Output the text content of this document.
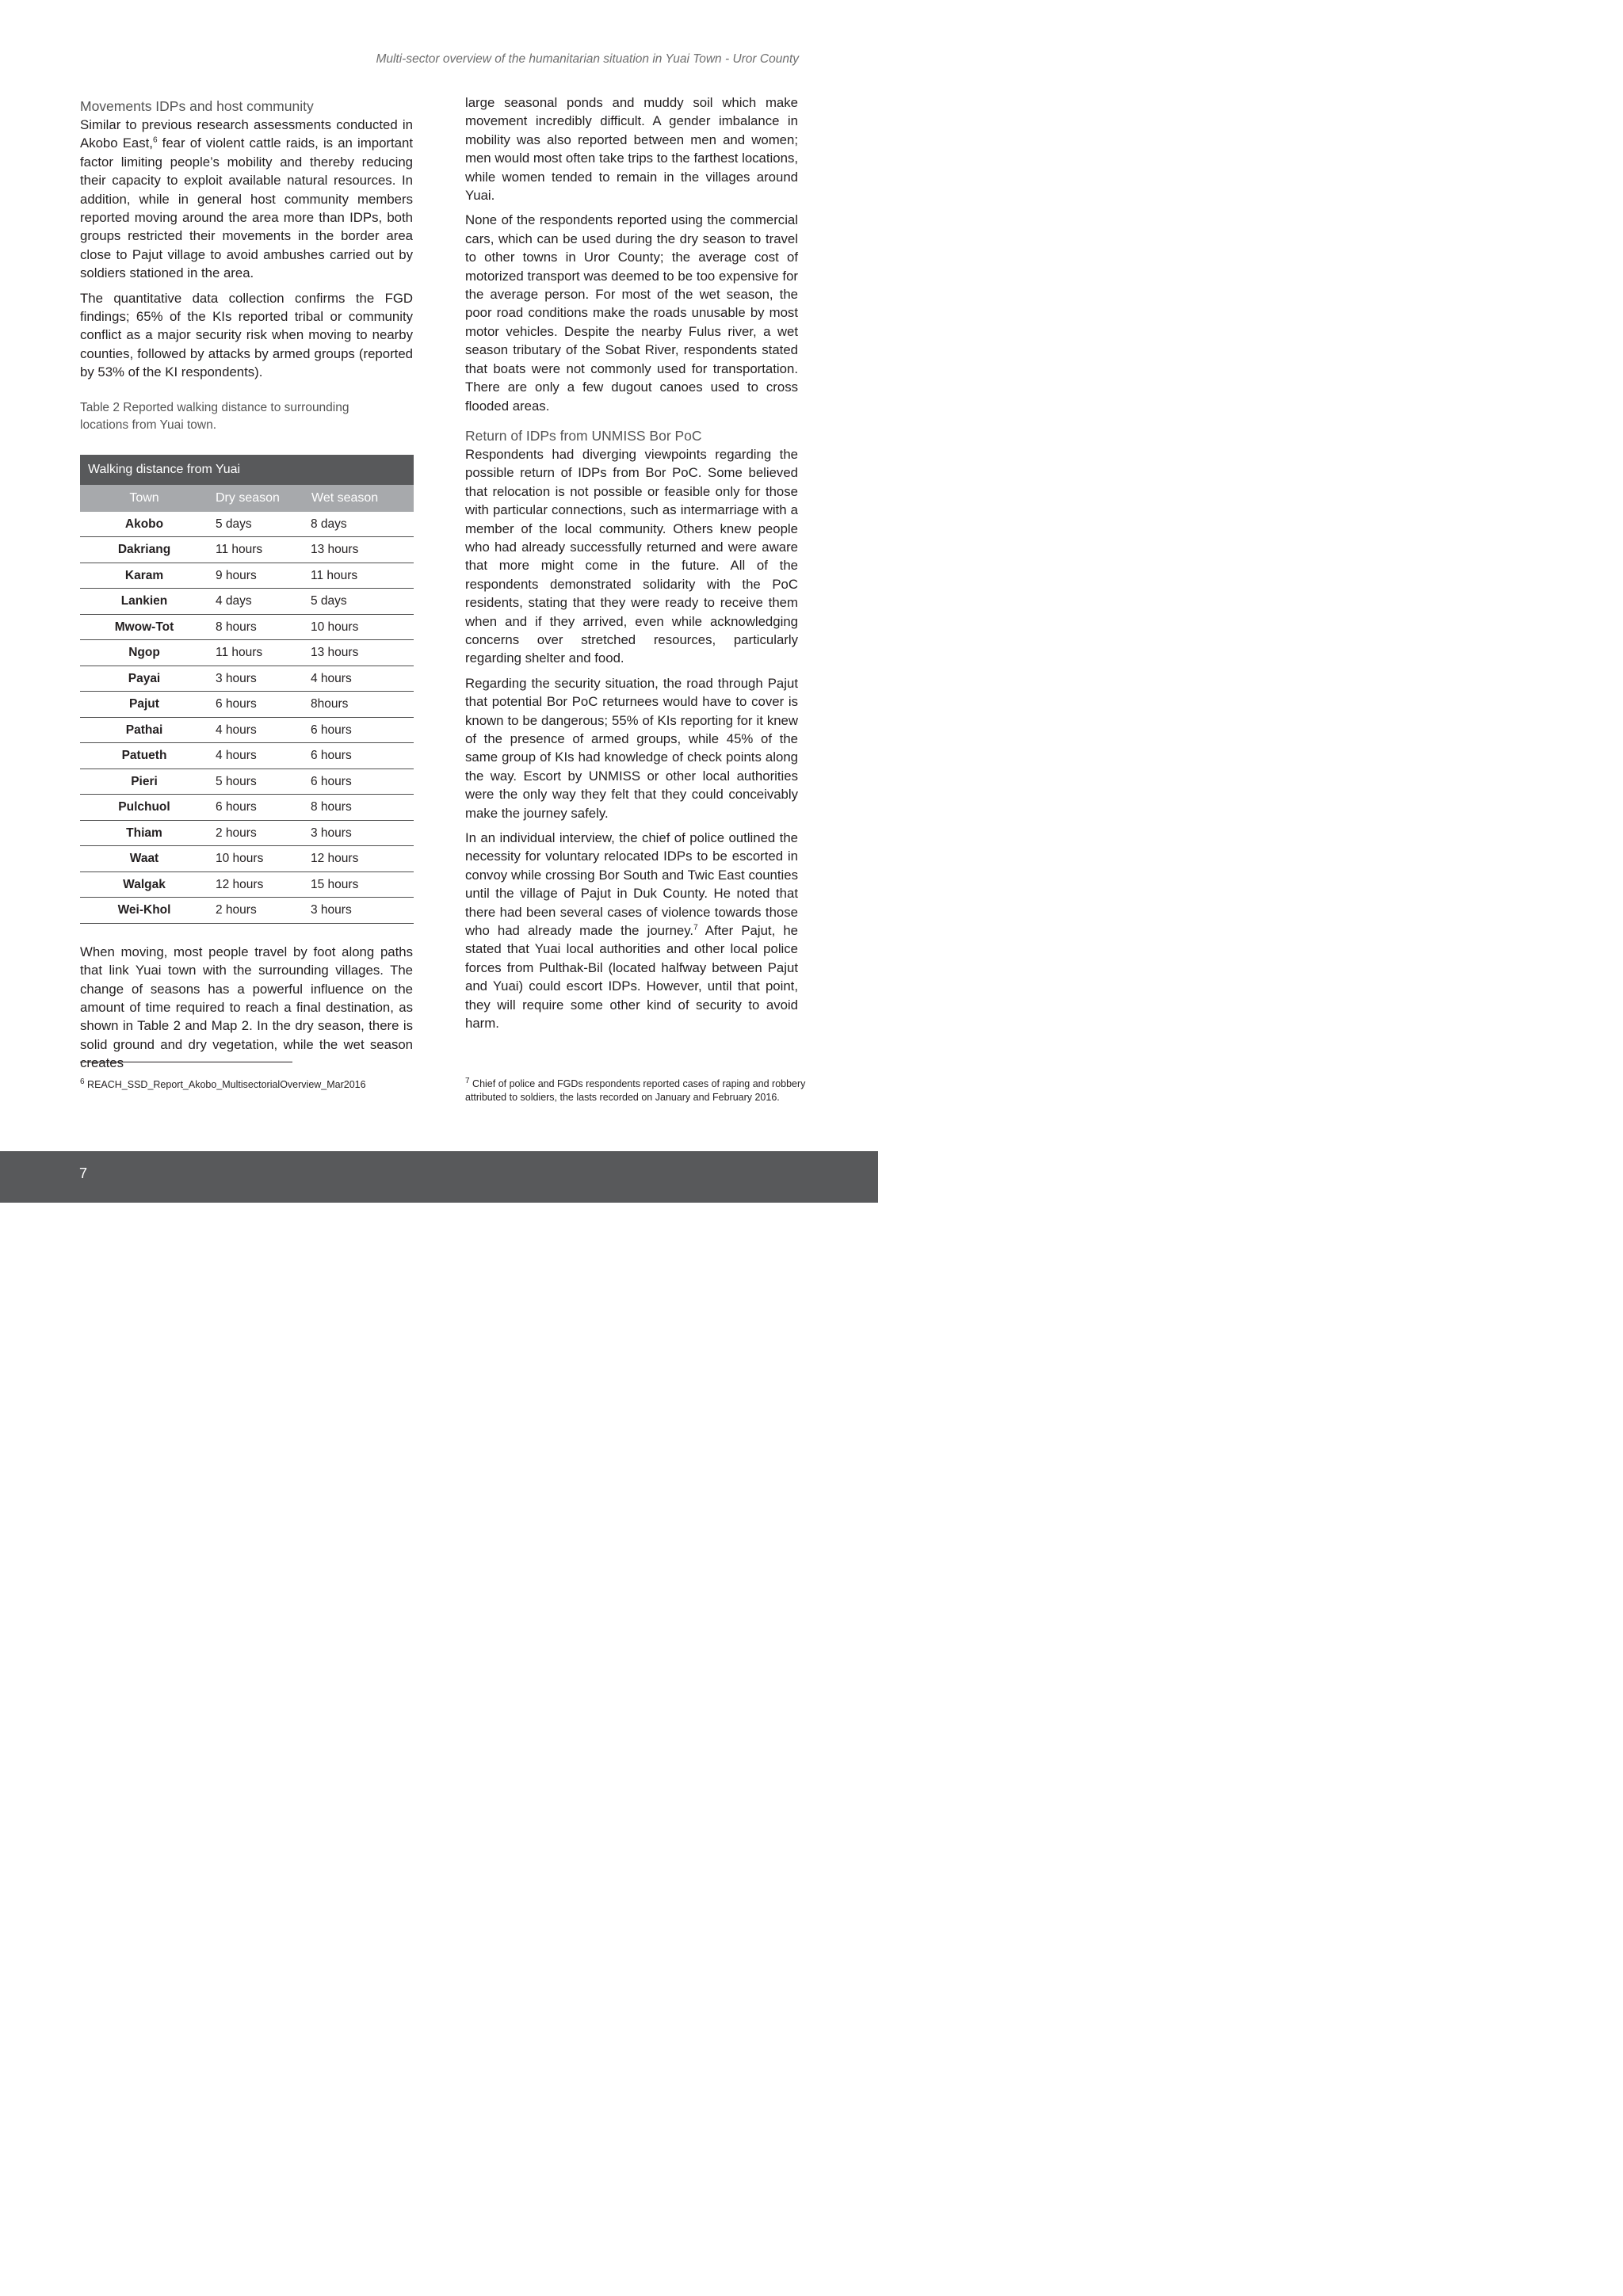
Multi-sector overview of the humanitarian situation in Yuai Town - Uror County
Movements IDPs and host community

Similar to previous research assessments conducted in Akobo East,$^6$ fear of violent cattle raids, is an important factor limiting people’s mobility and thereby reducing their capacity to exploit available natural resources. In addition, while in general host community members reported moving around the area more than IDPs, both groups restricted their movements in the border area close to Pajut village to avoid ambushes carried out by soldiers stationed in the area.

The quantitative data collection confirms the FGD findings; 65% of the KIs reported tribal or community conflict as a major security risk when moving to nearby counties, followed by attacks by armed groups (reported by 53% of the KI respondents).

Table 2 Reported walking distance to surrounding locations from Yuai town.
Walking distance from Yuai		
Town	Dry season	Wet season
Akobo	5 days	8 days
Dakriang	11 hours	13 hours
Karam	9 hours	11 hours
Lankien	4 days	5 days
Mwow-Tot	8 hours	10 hours
Ngop	11 hours	13 hours
Payai	3 hours	4 hours
Pajut	6 hours	8hours
Pathai	4 hours	6 hours
Patueth	4 hours	6 hours
Pieri	5 hours	6 hours
Pulchuol	6 hours	8 hours
Thiam	2 hours	3 hours
Waat	10 hours	12 hours
Walgak	12 hours	15 hours
Wei-Khol	2 hours	3 hours

When moving, most people travel by foot along paths that link Yuai town with the surrounding villages. The change of seasons has a powerful influence on the amount of time required to reach a final destination, as shown in Table 2 and Map 2. In the dry season, there is solid ground and dry vegetation, while the wet season creates

large seasonal ponds and muddy soil which make movement incredibly difficult. A gender imbalance in mobility was also reported between men and women; men would most often take trips to the farthest locations, while women tended to remain in the villages around Yuai.

None of the respondents reported using the commercial cars, which can be used during the dry season to travel to other towns in Uror County; the average cost of motorized transport was deemed to be too expensive for the average person. For most of the wet season, the poor road conditions make the roads unusable by most motor vehicles. Despite the nearby Fulus river, a wet season tributary of the Sobat River, respondents stated that boats were not commonly used for transportation. There are only a few dugout canoes used to cross flooded areas.

Return of IDPs from UNMISS Bor PoC

Respondents had diverging viewpoints regarding the possible return of IDPs from Bor PoC. Some believed that relocation is not possible or feasible only for those with particular connections, such as intermarriage with a member of the local community. Others knew people who had already successfully returned and were aware that more might come in the future. All of the respondents demonstrated solidarity with the PoC residents, stating that they were ready to receive them when and if they arrived, even while acknowledging concerns over stretched resources, particularly regarding shelter and food.

Regarding the security situation, the road through Pajut that potential Bor PoC returnees would have to cover is known to be dangerous; 55% of KIs reporting for it knew of the presence of armed groups, while 45% of the same group of KIs had knowledge of check points along the way. Escort by UNMISS or other local authorities were the only way they felt that they could conceivably make the journey safely.

In an individual interview, the chief of police outlined the necessity for voluntary relocated IDPs to be escorted in convoy while crossing Bor South and Twic East counties until the village of Pajut in Duk County. He noted that there had been several cases of violence towards those who had already made the journey.$^7$ After Pajut, he stated that Yuai local authorities and other local police forces from Pulthak-Bil (located halfway between Pajut and Yuai) could escort IDPs. However, until that point, they will require some other kind of security to avoid harm.

$^6$ REACH_SSD_Report_Akobo_MultisectorialOverview_Mar2016	$^7$ Chief of police and FGDs respondents reported cases of raping and robbery attributed to soldiers, the lasts recorded on January and February 2016.
7
